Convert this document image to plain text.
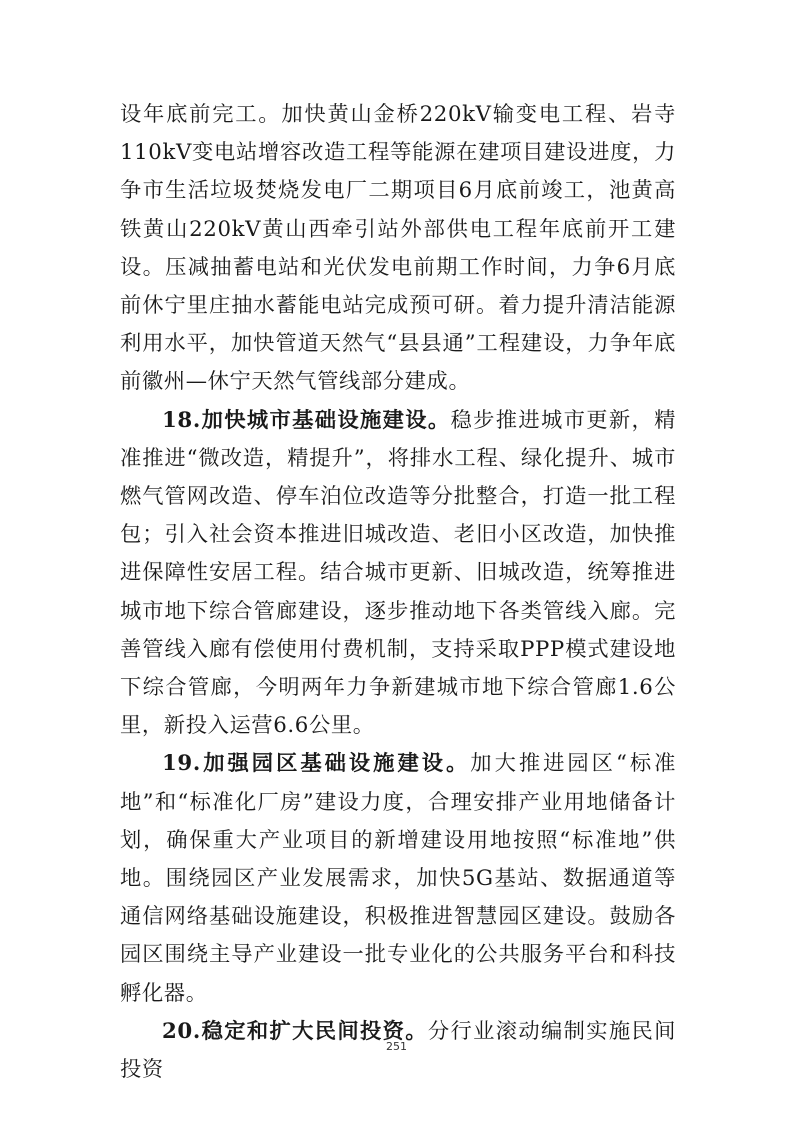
设年底前完工。加快黄山金桥220kV输变电工程、岩寺110kV变电站增容改造工程等能源在建项目建设进度，力争市生活垃圾焚烧发电厂二期项目6月底前竣工，池黄高铁黄山220kV黄山西牵引站外部供电工程年底前开工建设。压减抽蓄电站和光伏发电前期工作时间，力争6月底前休宁里庄抽水蓄能电站完成预可研。着力提升清洁能源利用水平，加快管道天然气“县县通”工程建设，力争年底前徽州—休宁天然气管线部分建成。

18.加快城市基础设施建设。稳步推进城市更新，精准推进“微改造，精提升”，将排水工程、绿化提升、城市燃气管网改造、停车泊位改造等分批整合，打造一批工程包；引入社会资本推进旧城改造、老旧小区改造，加快推进保障性安居工程。结合城市更新、旧城改造，统筹推进城市地下综合管廊建设，逐步推动地下各类管线入廊。完善管线入廊有偿使用付费机制，支持采取PPP模式建设地下综合管廊，今明两年力争新建城市地下综合管廊1.6公里，新投入运营6.6公里。

19.加强园区基础设施建设。加大推进园区“标准地”和“标准化厂房”建设力度，合理安排产业用地储备计划，确保重大产业项目的新增建设用地按照“标准地”供地。围绕园区产业发展需求，加快5G基站、数据通道等通信网络基础设施建设，积极推进智慧园区建设。鼓励各园区围绕主导产业建设一批专业化的公共服务平台和科技孵化器。

20.稳定和扩大民间投资。分行业滚动编制实施民间投资

251
